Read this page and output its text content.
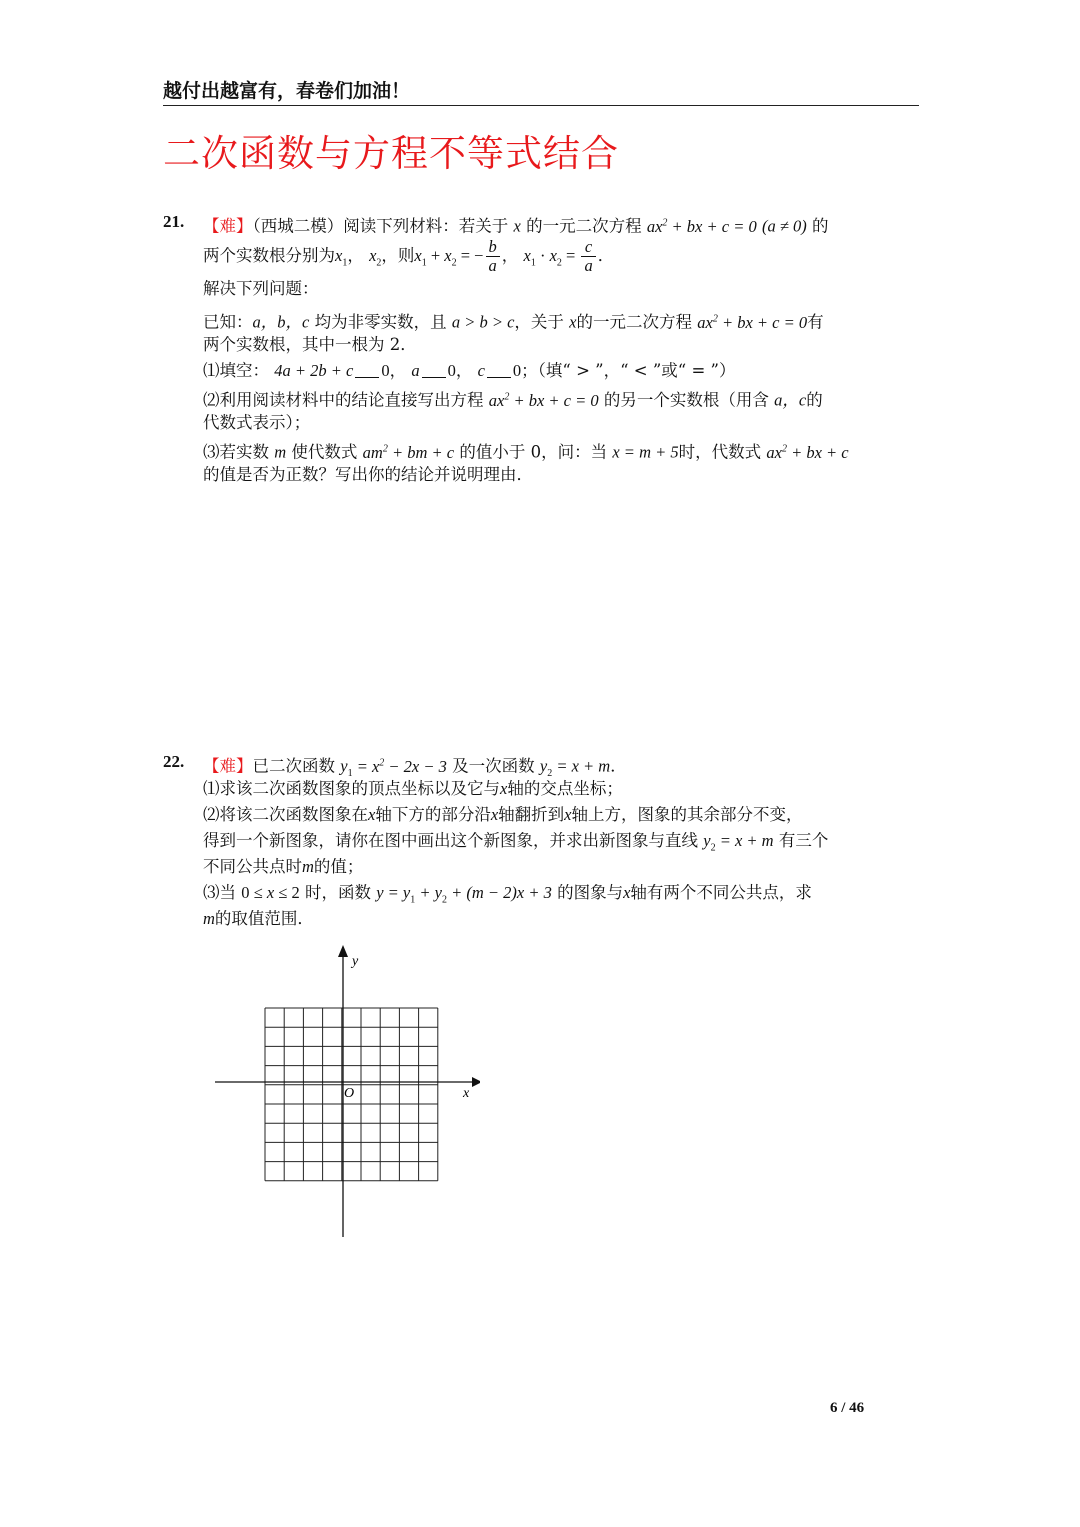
越付出越富有，春卷们加油！
二次函数与方程不等式结合
21. 【难】（西城二模）阅读下列材料：若关于 x 的一元二次方程 $ax^2$ + bx + c = 0 (a ≠ 0) 的
两个实数根分别为$x_1$， $x_2$，则$x_1 + x_2$ = − $\frac{b}{a}$ ， $x_1 \cdot x_2 = \frac{c}{a}$ ．
解决下列问题：
已知：a，b，c 均为非零实数，且 a > b > c，关于 x的一元二次方程 $ax^2$ + bx + c = 0有
两个实数根，其中一根为 2．
⑴填空： 4a + 2b + c 0， a 0， c 0；（填“ > ”，“ < ”或“ = ”）
⑵利用阅读材料中的结论直接写出方程 $ax^2$ + bx + c = 0 的另一个实数根（用含 a，c的
代数式表示）；
⑶若实数 m 使代数式 $am^2$ + bm + c 的值小于 0，问：当 x = m + 5时，代数式 $ax^2$ + bx + c
的值是否为正数？写出你的结论并说明理由．
22. 【难】已二次函数 $y_1 = x^2 - 2x - 3$ 及一次函数 $y_2 = x + m$．
⑴求该二次函数图象的顶点坐标以及它与x轴的交点坐标；
⑵将该二次函数图象在x轴下方的部分沿x轴翻折到x轴上方，图象的其余部分不变，
得到一个新图象，请你在图中画出这个新图象，并求出新图象与直线 $y_2 = x + m$ 有三个
不同公共点时m的值；
⑶当 0 ≤ x ≤ 2 时，函数 $y = y_1 + y_2 + (m - 2)x + 3$ 的图象与x轴有两个不同公共点，求
m的取值范围．
x
y
O
6 / 46
